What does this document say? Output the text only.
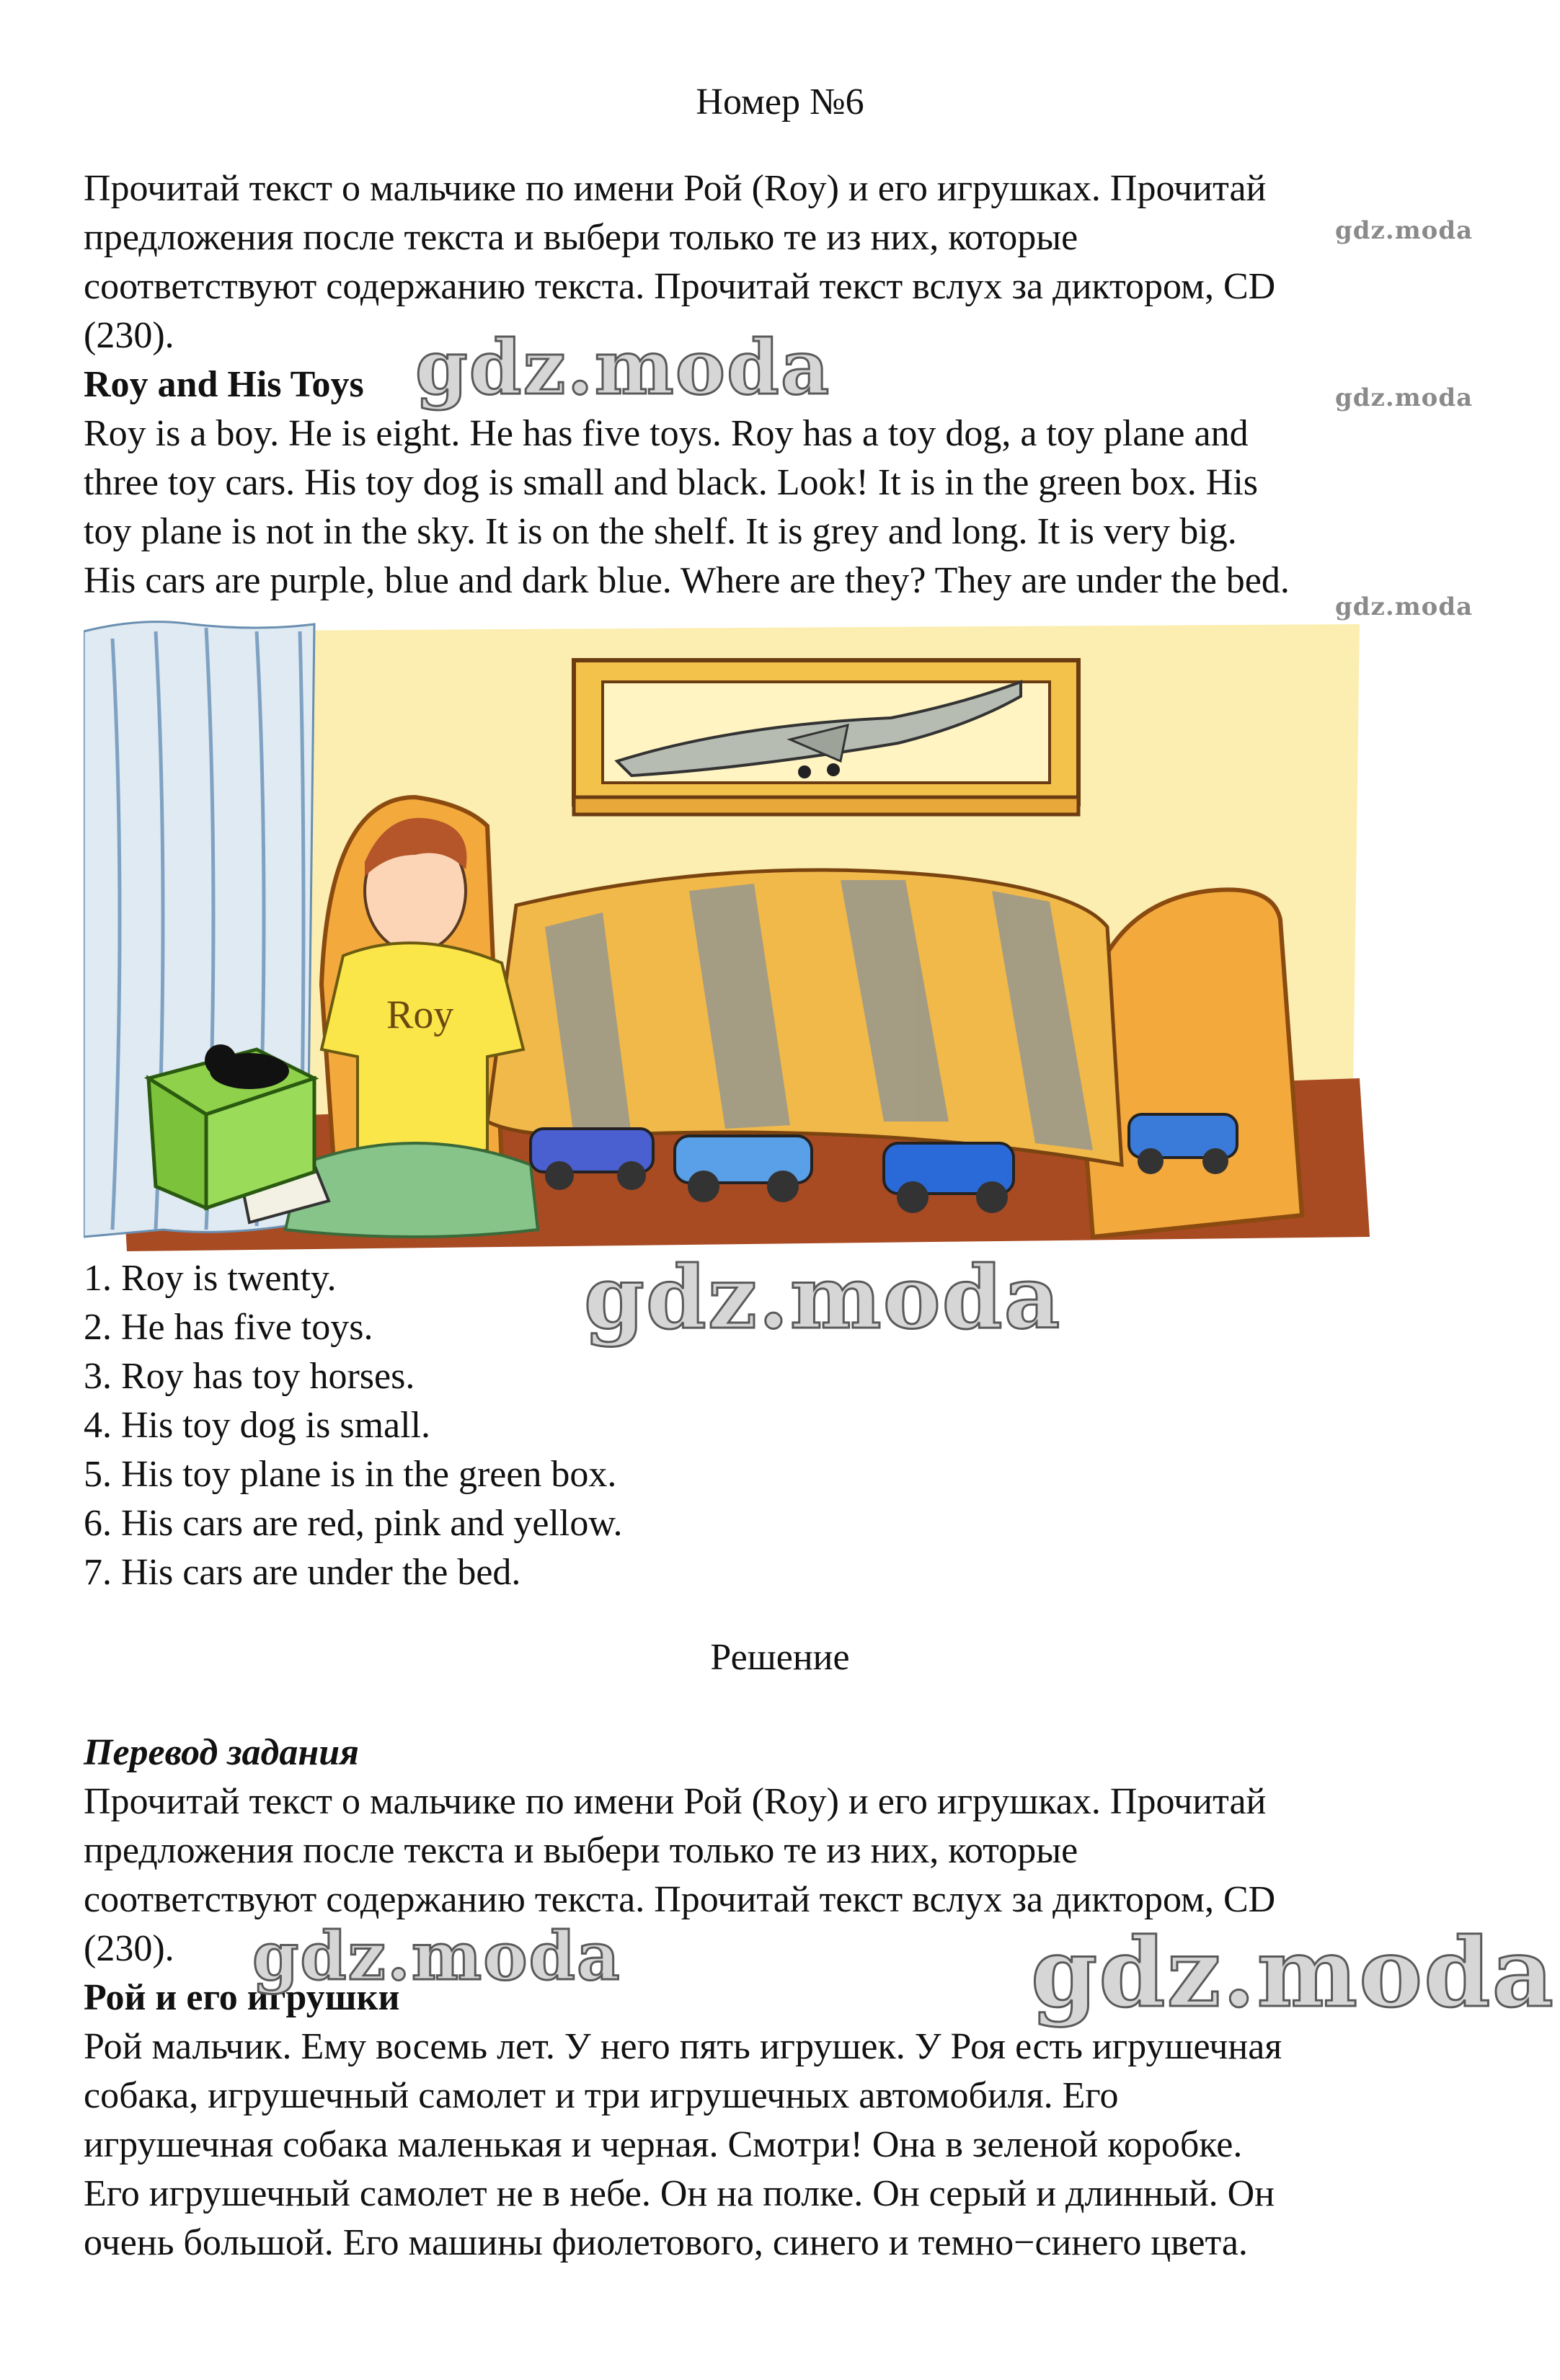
Номер №6
Прочитай текст о мальчике по имени Рой (Roy) и его игрушках. Прочитай
предложения после текста и выбери только те из них, которые
соответствуют содержанию текста. Прочитай текст вслух за диктором, CD
(230).
Roy and His Toys
Roy is a boy. He is eight. He has five toys. Roy has a toy dog, a toy plane and
three toy cars. His toy dog is small and black. Look! It is in the green box. His
toy plane is not in the sky. It is on the shelf. It is grey and long. It is very big.
His cars are purple, blue and dark blue. Where are they? They are under the bed.
gdz.moda
gdz.moda
gdz.moda
gdz.moda
Roy
1. Roy is twenty.
2. He has five toys.
3. Roy has toy horses.
4. His toy dog is small.
5. His toy plane is in the green box.
6. His cars are red, pink and yellow.
7. His cars are under the bed.
gdz.moda
Решение
Перевод задания
Прочитай текст о мальчике по имени Рой (Roy) и его игрушках. Прочитай
предложения после текста и выбери только те из них, которые
соответствуют содержанию текста. Прочитай текст вслух за диктором, CD
(230).
Рой и его игрушки
Рой мальчик. Ему восемь лет. У него пять игрушек. У Роя есть игрушечная
собака, игрушечный самолет и три игрушечных автомобиля. Его
игрушечная собака маленькая и черная. Смотри! Она в зеленой коробке.
Его игрушечный самолет не в небе. Он на полке. Он серый и длинный. Он
очень большой. Его машины фиолетового, синего и темно−синего цвета.
gdz.moda	gdz.moda
